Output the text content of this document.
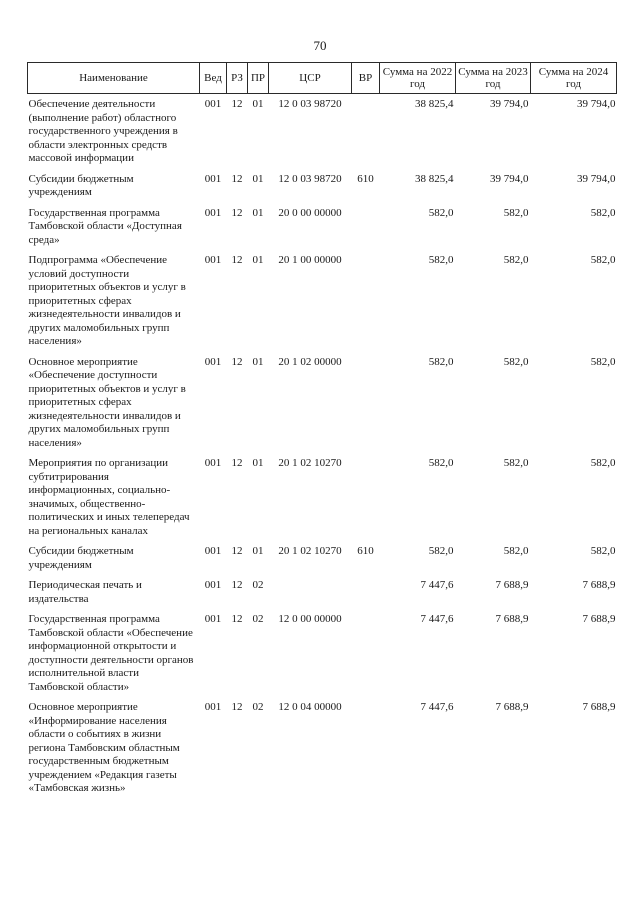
70
Наименование	Вед	РЗ	ПР	ЦСР	ВР	Сумма на 2022 год	Сумма на 2023 год	Сумма на 2024 год
Обеспечение деятельности (выполнение работ) областного государственного учреждения в области электронных средств массовой информации	001	12	01	12 0 03 98720		38 825,4	39 794,0	39 794,0
Субсидии бюджетным учреждениям	001	12	01	12 0 03 98720	610	38 825,4	39 794,0	39 794,0
Государственная программа Тамбовской области «Доступная среда»	001	12	01	20 0 00 00000		582,0	582,0	582,0
Подпрограмма «Обеспечение условий доступности приоритетных объектов и услуг в приоритетных сферах жизнедеятельности инвалидов и других маломобильных групп населения»	001	12	01	20 1 00 00000		582,0	582,0	582,0
Основное мероприятие «Обеспечение доступности приоритетных объектов и услуг в приоритетных сферах жизнедеятельности инвалидов и других маломобильных групп населения»	001	12	01	20 1 02 00000		582,0	582,0	582,0
Мероприятия по организации субтитрирования информационных, социально-значимых, общественно-политических и иных телепередач на региональных каналах	001	12	01	20 1 02 10270		582,0	582,0	582,0
Субсидии бюджетным учреждениям	001	12	01	20 1 02 10270	610	582,0	582,0	582,0
Периодическая печать и издательства	001	12	02			7 447,6	7 688,9	7 688,9
Государственная программа Тамбовской области «Обеспечение информационной открытости и доступности деятельности органов исполнительной власти Тамбовской области»	001	12	02	12 0 00 00000		7 447,6	7 688,9	7 688,9
Основное мероприятие «Информирование населения области о событиях в жизни региона Тамбовским областным государственным бюджетным учреждением «Редакция газеты «Тамбовская жизнь»	001	12	02	12 0 04 00000		7 447,6	7 688,9	7 688,9
